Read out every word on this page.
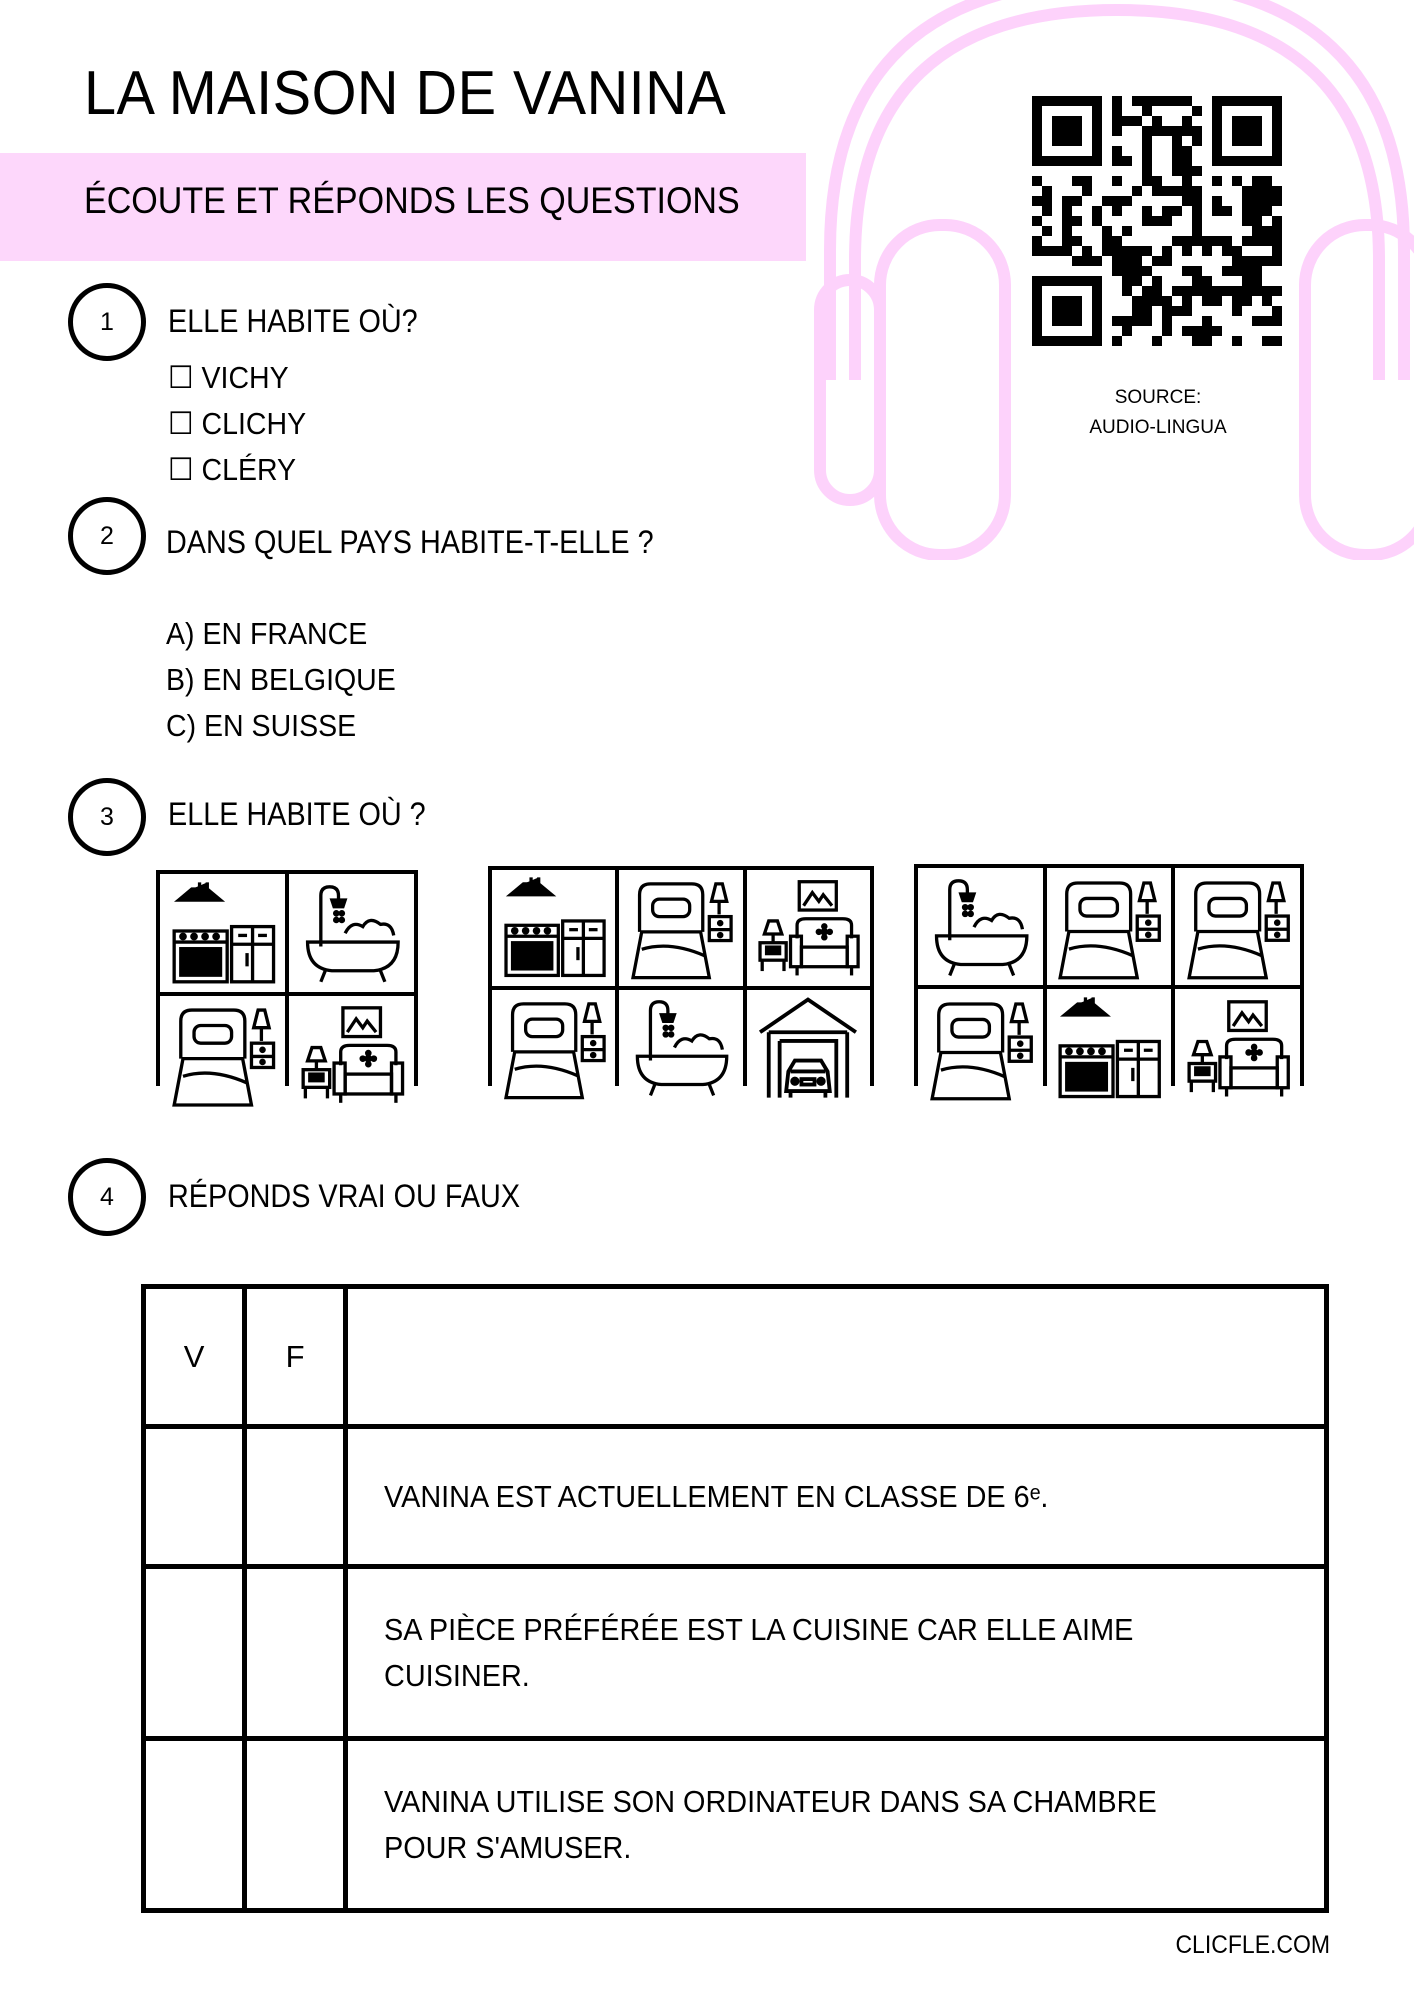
SOURCE:
AUDIO-LINGUA
LA MAISON DE VANINA
ÉCOUTE ET RÉPONDS LES QUESTIONS
1	ELLE HABITE OÙ?
☐ VICHY
☐ CLICHY
☐ CLÉRY
2	DANS QUEL PAYS HABITE-T-ELLE ?
A) EN FRANCE
B) EN BELGIQUE
C) EN SUISSE
3	ELLE HABITE OÙ ?
4	RÉPONDS VRAI OU FAUX
V	F	
		VANINA EST ACTUELLEMENT EN CLASSE DE 6ᵉ.
		SA PIÈCE PRÉFÉRÉE EST LA CUISINE CAR ELLE AIME CUISINER.
		VANINA UTILISE SON ORDINATEUR DANS SA CHAMBRE POUR S'AMUSER.
CLICFLE.COM
